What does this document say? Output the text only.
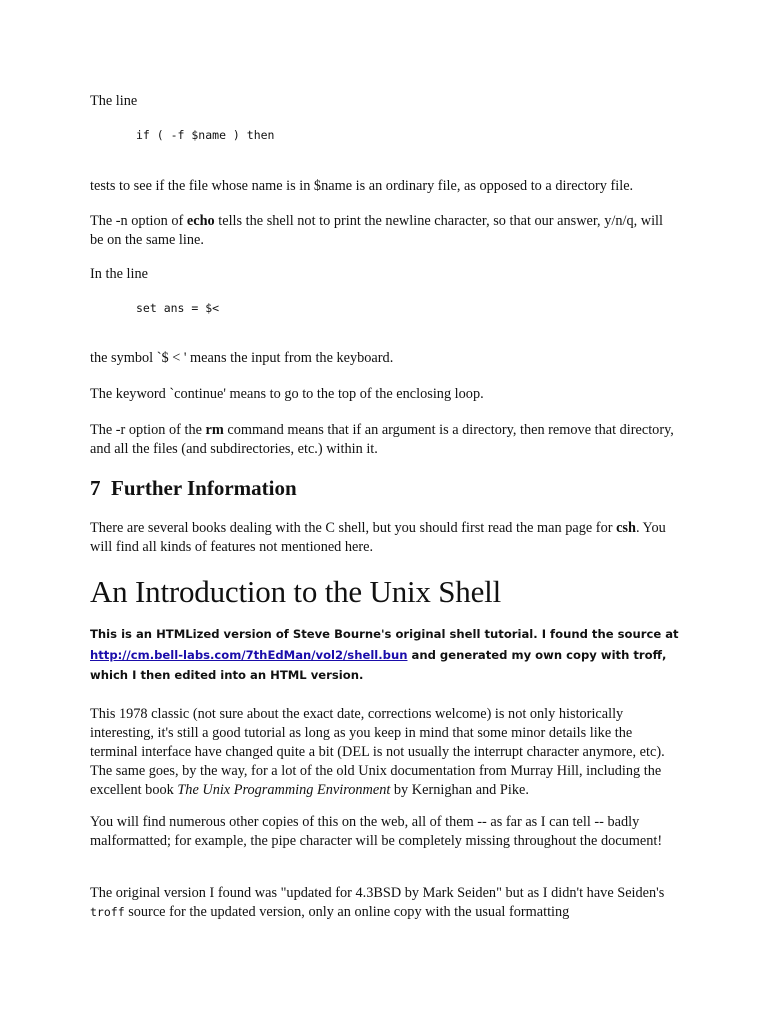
The line

if ( -f $name ) then

tests to see if the file whose name is in $name is an ordinary file, as opposed to a directory file.

The -n option of echo tells the shell not to print the newline character, so that our answer, y/n/q, will be on the same line.

In the line

set ans = $<

the symbol `$ < ' means the input from the keyboard.

The keyword `continue' means to go to the top of the enclosing loop.

The -r option of the rm command means that if an argument is a directory, then remove that directory, and all the files (and subdirectories, etc.) within it.

7 Further Information

There are several books dealing with the C shell, but you should first read the man page for csh. You will find all kinds of features not mentioned here.

An Introduction to the Unix Shell

This is an HTMLized version of Steve Bourne's original shell tutorial. I found the source at http://cm.bell-labs.com/7thEdMan/vol2/shell.bun and generated my own copy with troff, which I then edited into an HTML version.

This 1978 classic (not sure about the exact date, corrections welcome) is not only historically interesting, it's still a good tutorial as long as you keep in mind that some minor details like the terminal interface have changed quite a bit (DEL is not usually the interrupt character anymore, etc). The same goes, by the way, for a lot of the old Unix documentation from Murray Hill, including the excellent book The Unix Programming Environment by Kernighan and Pike.

You will find numerous other copies of this on the web, all of them -- as far as I can tell -- badly malformatted; for example, the pipe character will be completely missing throughout the document!

The original version I found was "updated for 4.3BSD by Mark Seiden" but as I didn't have Seiden's troff source for the updated version, only an online copy with the usual formatting
